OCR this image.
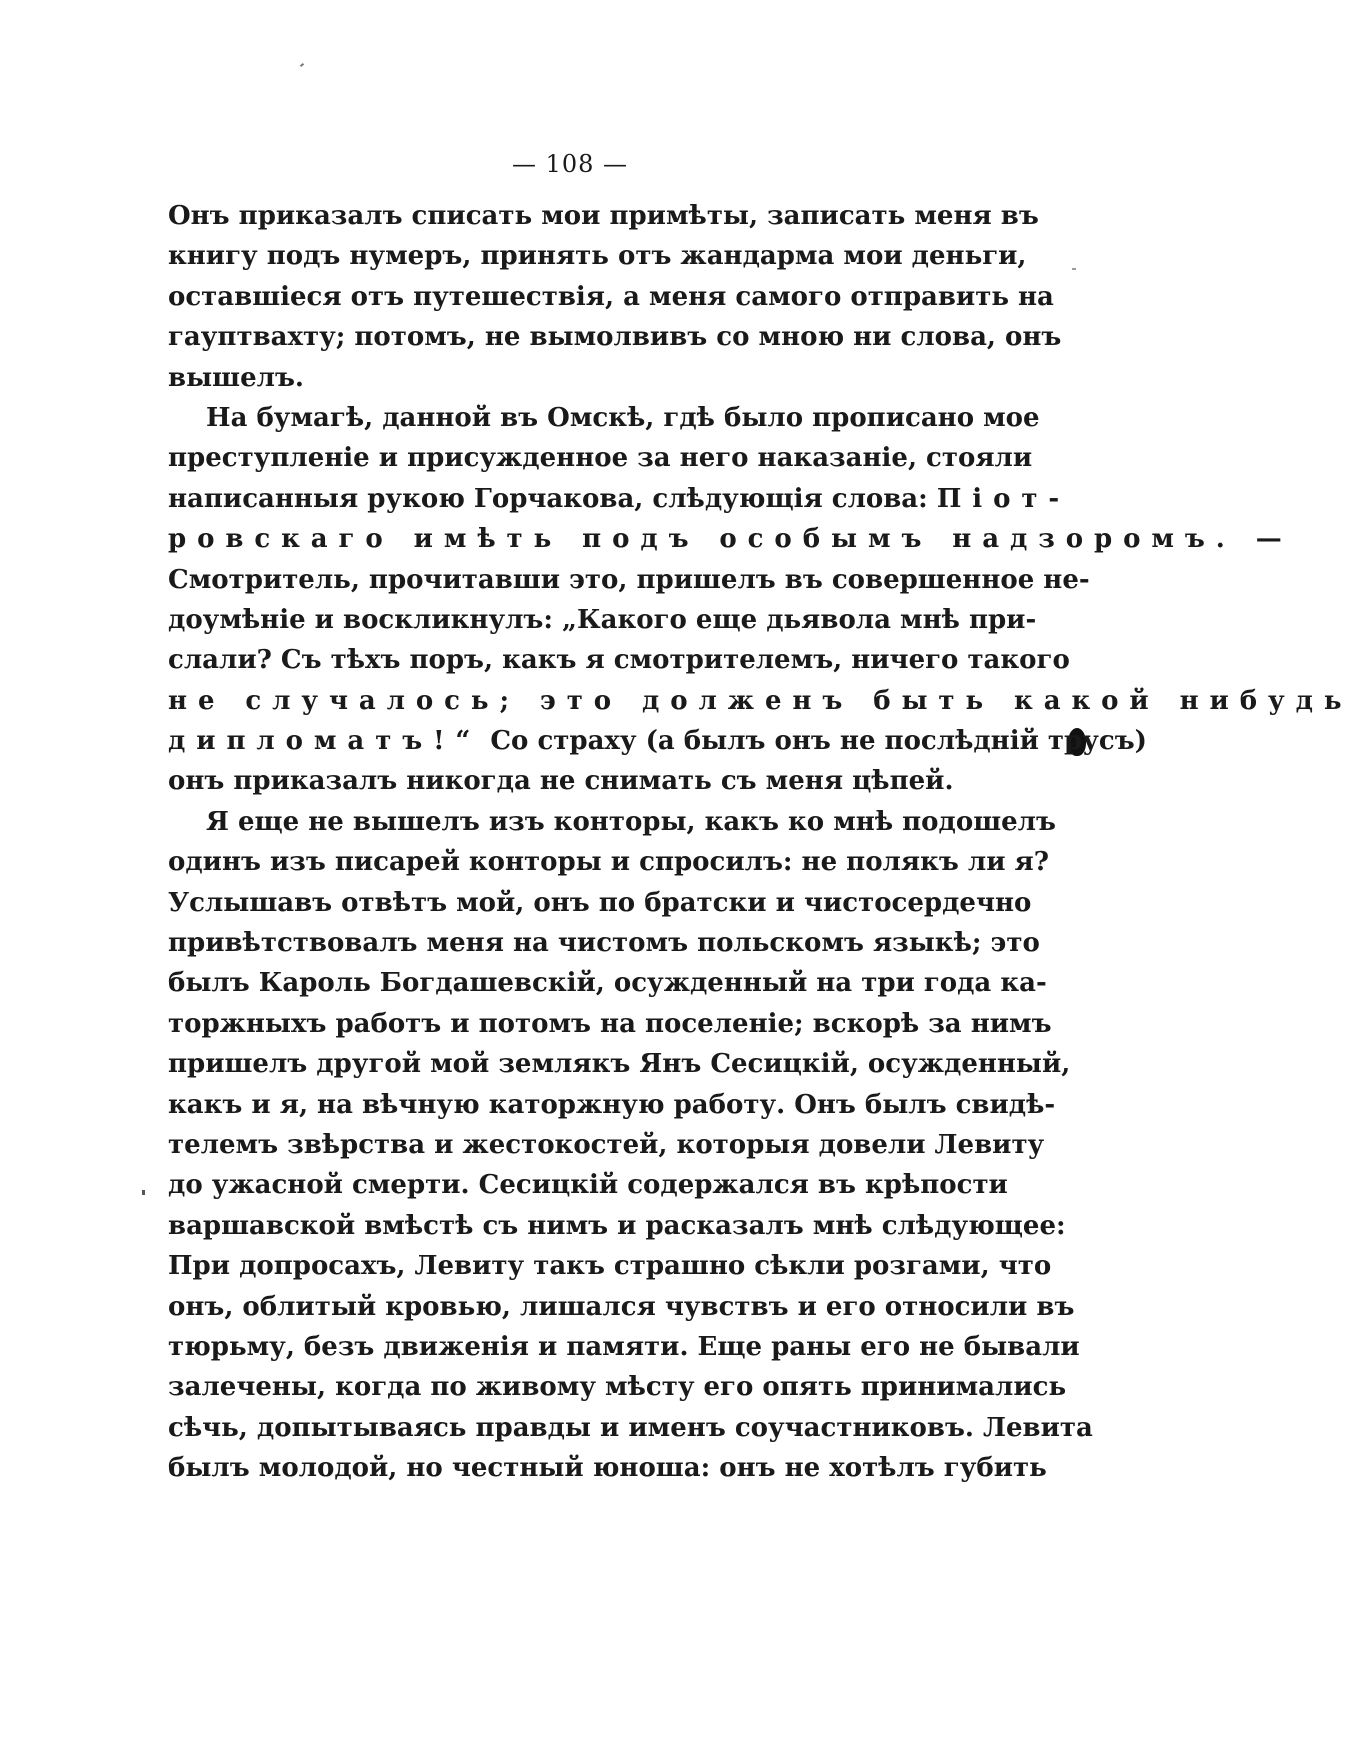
— 108 —
Онъ приказалъ списать мои примѣты, записать меня въ
книгу подъ нумеръ, принять отъ жандарма мои деньги,
оставшіеся отъ путешествія, а меня самого отправить на
гауптвахту; потомъ, не вымолвивъ со мною ни слова, онъ
вышелъ.
На бумагѣ, данной въ Омскѣ, гдѣ было прописано мое
преступленіе и присужденное за него наказаніе, стояли
написанныя рукою Горчакова, слѣдующія слова: Піот-
ровскаго имѣть подъ особымъ надзоромъ. —
Смотритель, прочитавши это, пришелъ въ совершенное не-
доумѣніе и воскликнулъ: „Какого еще дьявола мнѣ при-
слали? Съ тѣхъ поръ, какъ я смотрителемъ, ничего такого
не случалось; это долженъ быть какой нибудь
дипломатъ!“ Со страху (а былъ онъ не послѣдній трусъ)
онъ приказалъ никогда не снимать съ меня цѣпей.
Я еще не вышелъ изъ конторы, какъ ко мнѣ подошелъ
одинъ изъ писарей конторы и спросилъ: не полякъ ли я?
Услышавъ отвѣтъ мой, онъ по братски и чистосердечно
привѣтствовалъ меня на чистомъ польскомъ языкѣ; это
былъ Кароль Богдашевскій, осужденный на три года ка-
торжныхъ работъ и потомъ на поселеніе; вскорѣ за нимъ
пришелъ другой мой землякъ Янъ Сесицкій, осужденный,
какъ и я, на вѣчную каторжную работу. Онъ былъ свидѣ-
телемъ звѣрства и жестокостей, которыя довели Левиту
до ужасной смерти. Сесицкій содержался въ крѣпости
варшавской вмѣстѣ съ нимъ и расказалъ мнѣ слѣдующее:
При допросахъ, Левиту такъ страшно сѣкли розгами, что
онъ, облитый кровью, лишался чувствъ и его относили въ
тюрьму, безъ движенія и памяти. Еще раны его не бывали
залечены, когда по живому мѣсту его опять принимались
сѣчь, допытываясь правды и именъ соучастниковъ. Левита
былъ молодой, но честный юноша: онъ не хотѣлъ губить
